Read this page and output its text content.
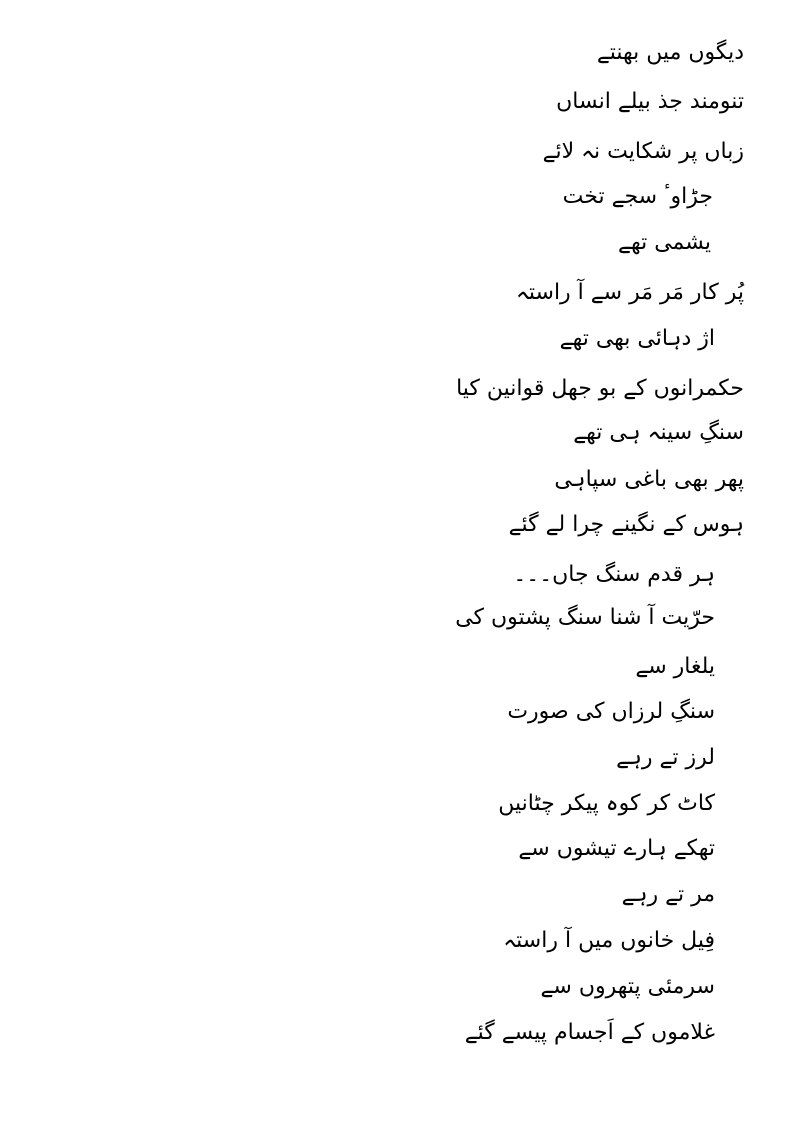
دیگوں میں بھنتے
تنومند جذ بیلے انساں
زباں پر شکایت نہ لائے
جڑاوٴ سجے تخت
یشمی تھے
پُر کار مَر مَر سے آ راستہ
اژ دہائی بھی تھے
حکمرانوں کے بو جھل قوانین کیا
سنگِ سینہ ہی تھے
پھر بھی باغی سپاہی
ہوس کے نگینے چرا لے گئے
ہر قدم سنگ جاں۔۔۔
حرّیت آ شنا سنگ پشتوں کی
یلغار سے
سنگِ لرزاں کی صورت
لرز تے رہے
کاٹ کر کوہ پیکر چٹانیں
تھکے ہارے تیشوں سے
مر تے رہے
فِیل خانوں میں آ راستہ
سرمئی پتھروں سے
غلاموں کے اَجسام پیسے گئے
